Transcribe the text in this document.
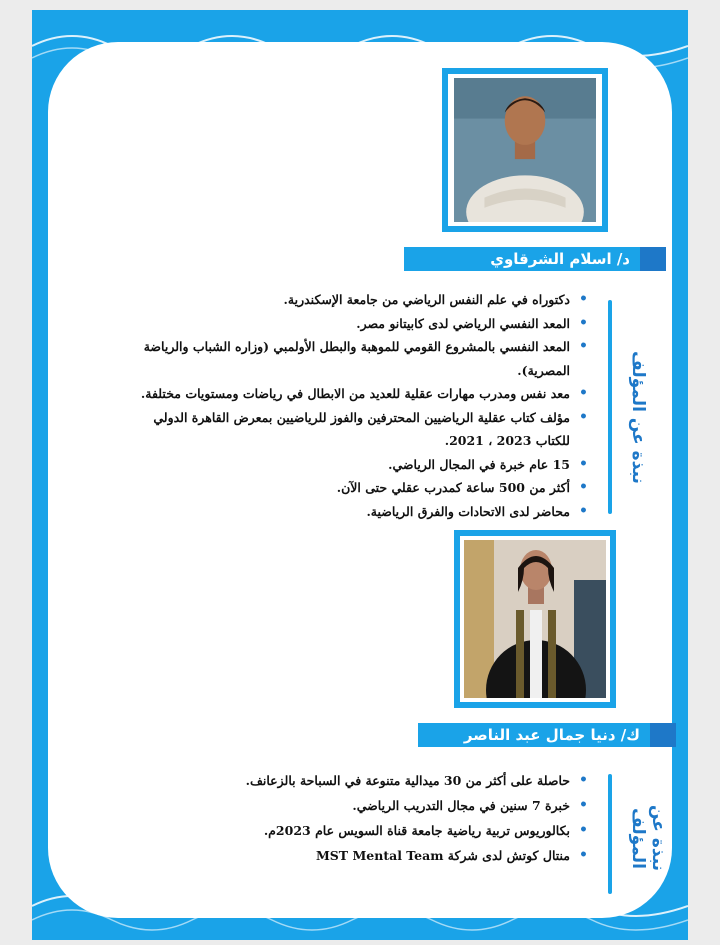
د/ اسلام الشرقاوي
نبذة عن المؤلف
• دكتوراه في علم النفس الرياضي من جامعة الإسكندرية.
• المعد النفسي الرياضي لدى كابيتانو مصر.
• المعد النفسي بالمشروع القومي للموهبة والبطل الأولمبي (وزاره الشباب والرياضة المصرية).
• معد نفس ومدرب مهارات عقلية للعديد من الابطال في رياضات ومستويات مختلفة.
• مؤلف كتاب عقلية الرياضيين المحترفين والفوز للرياضيين بمعرض القاهرة الدولي للكتاب 2023 ، 2021.
• 15 عام خبرة في المجال الرياضي.
• أكثر من 500 ساعة كمدرب عقلي حتى الآن.
• محاضر لدى الاتحادات والفرق الرياضية.
ك/ دنيا جمال عبد الناصر
نبذة عن المؤلف
• حاصلة على أكثر من 30 ميدالية متنوعة في السباحة بالزعانف.
• خبرة 7 سنين في مجال التدريب الرياضي.
• بكالوريوس تربية رياضية جامعة قناة السويس عام 2023م.
• منتال كوتش لدى شركة MST Mental Team
